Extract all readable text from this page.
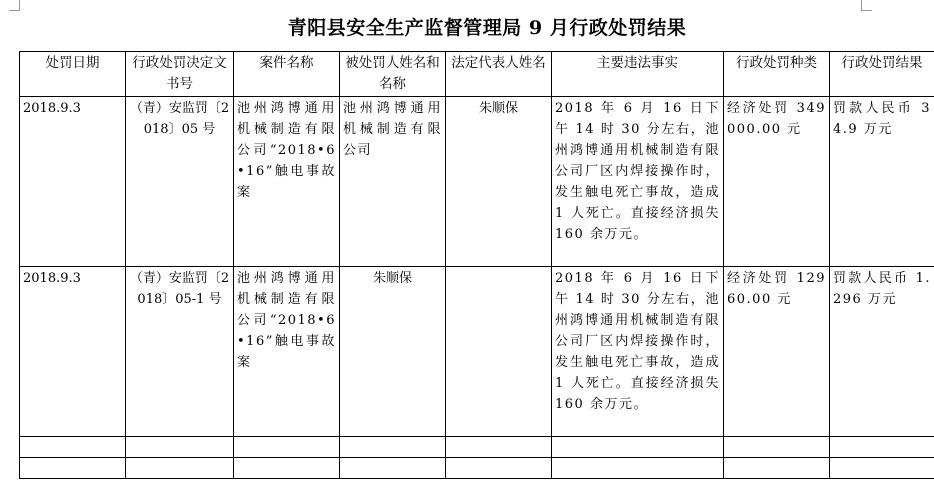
青阳县安全生产监督管理局 9 月行政处罚结果
处罚日期	行政处罚决定文书号	案件名称	被处罚人姓名和名称	法定代表人姓名	主要违法事实	行政处罚种类	行政处罚结果
2018.9.3	（青）安监罚〔2018〕05 号	池州鸿博通用机械制造有限公司“2018•6•16”触电事故案	池州鸿博通用机械制造有限公司	朱顺保	2018 年 6 月 16 日下午 14 时 30 分左右，池州鸿博通用机械制造有限公司厂区内焊接操作时，发生触电死亡事故，造成 1 人死亡。直接经济损失 160 余万元。	经济处罚 349000.00 元	罚款人民币 34.9 万元
2018.9.3	（青）安监罚〔2018〕05-1 号	池州鸿博通用机械制造有限公司“2018•6•16”触电事故案	朱顺保		2018 年 6 月 16 日下午 14 时 30 分左右，池州鸿博通用机械制造有限公司厂区内焊接操作时，发生触电死亡事故，造成 1 人死亡。直接经济损失 160 余万元。	经济处罚 12960.00 元	罚款人民币 1.296 万元
